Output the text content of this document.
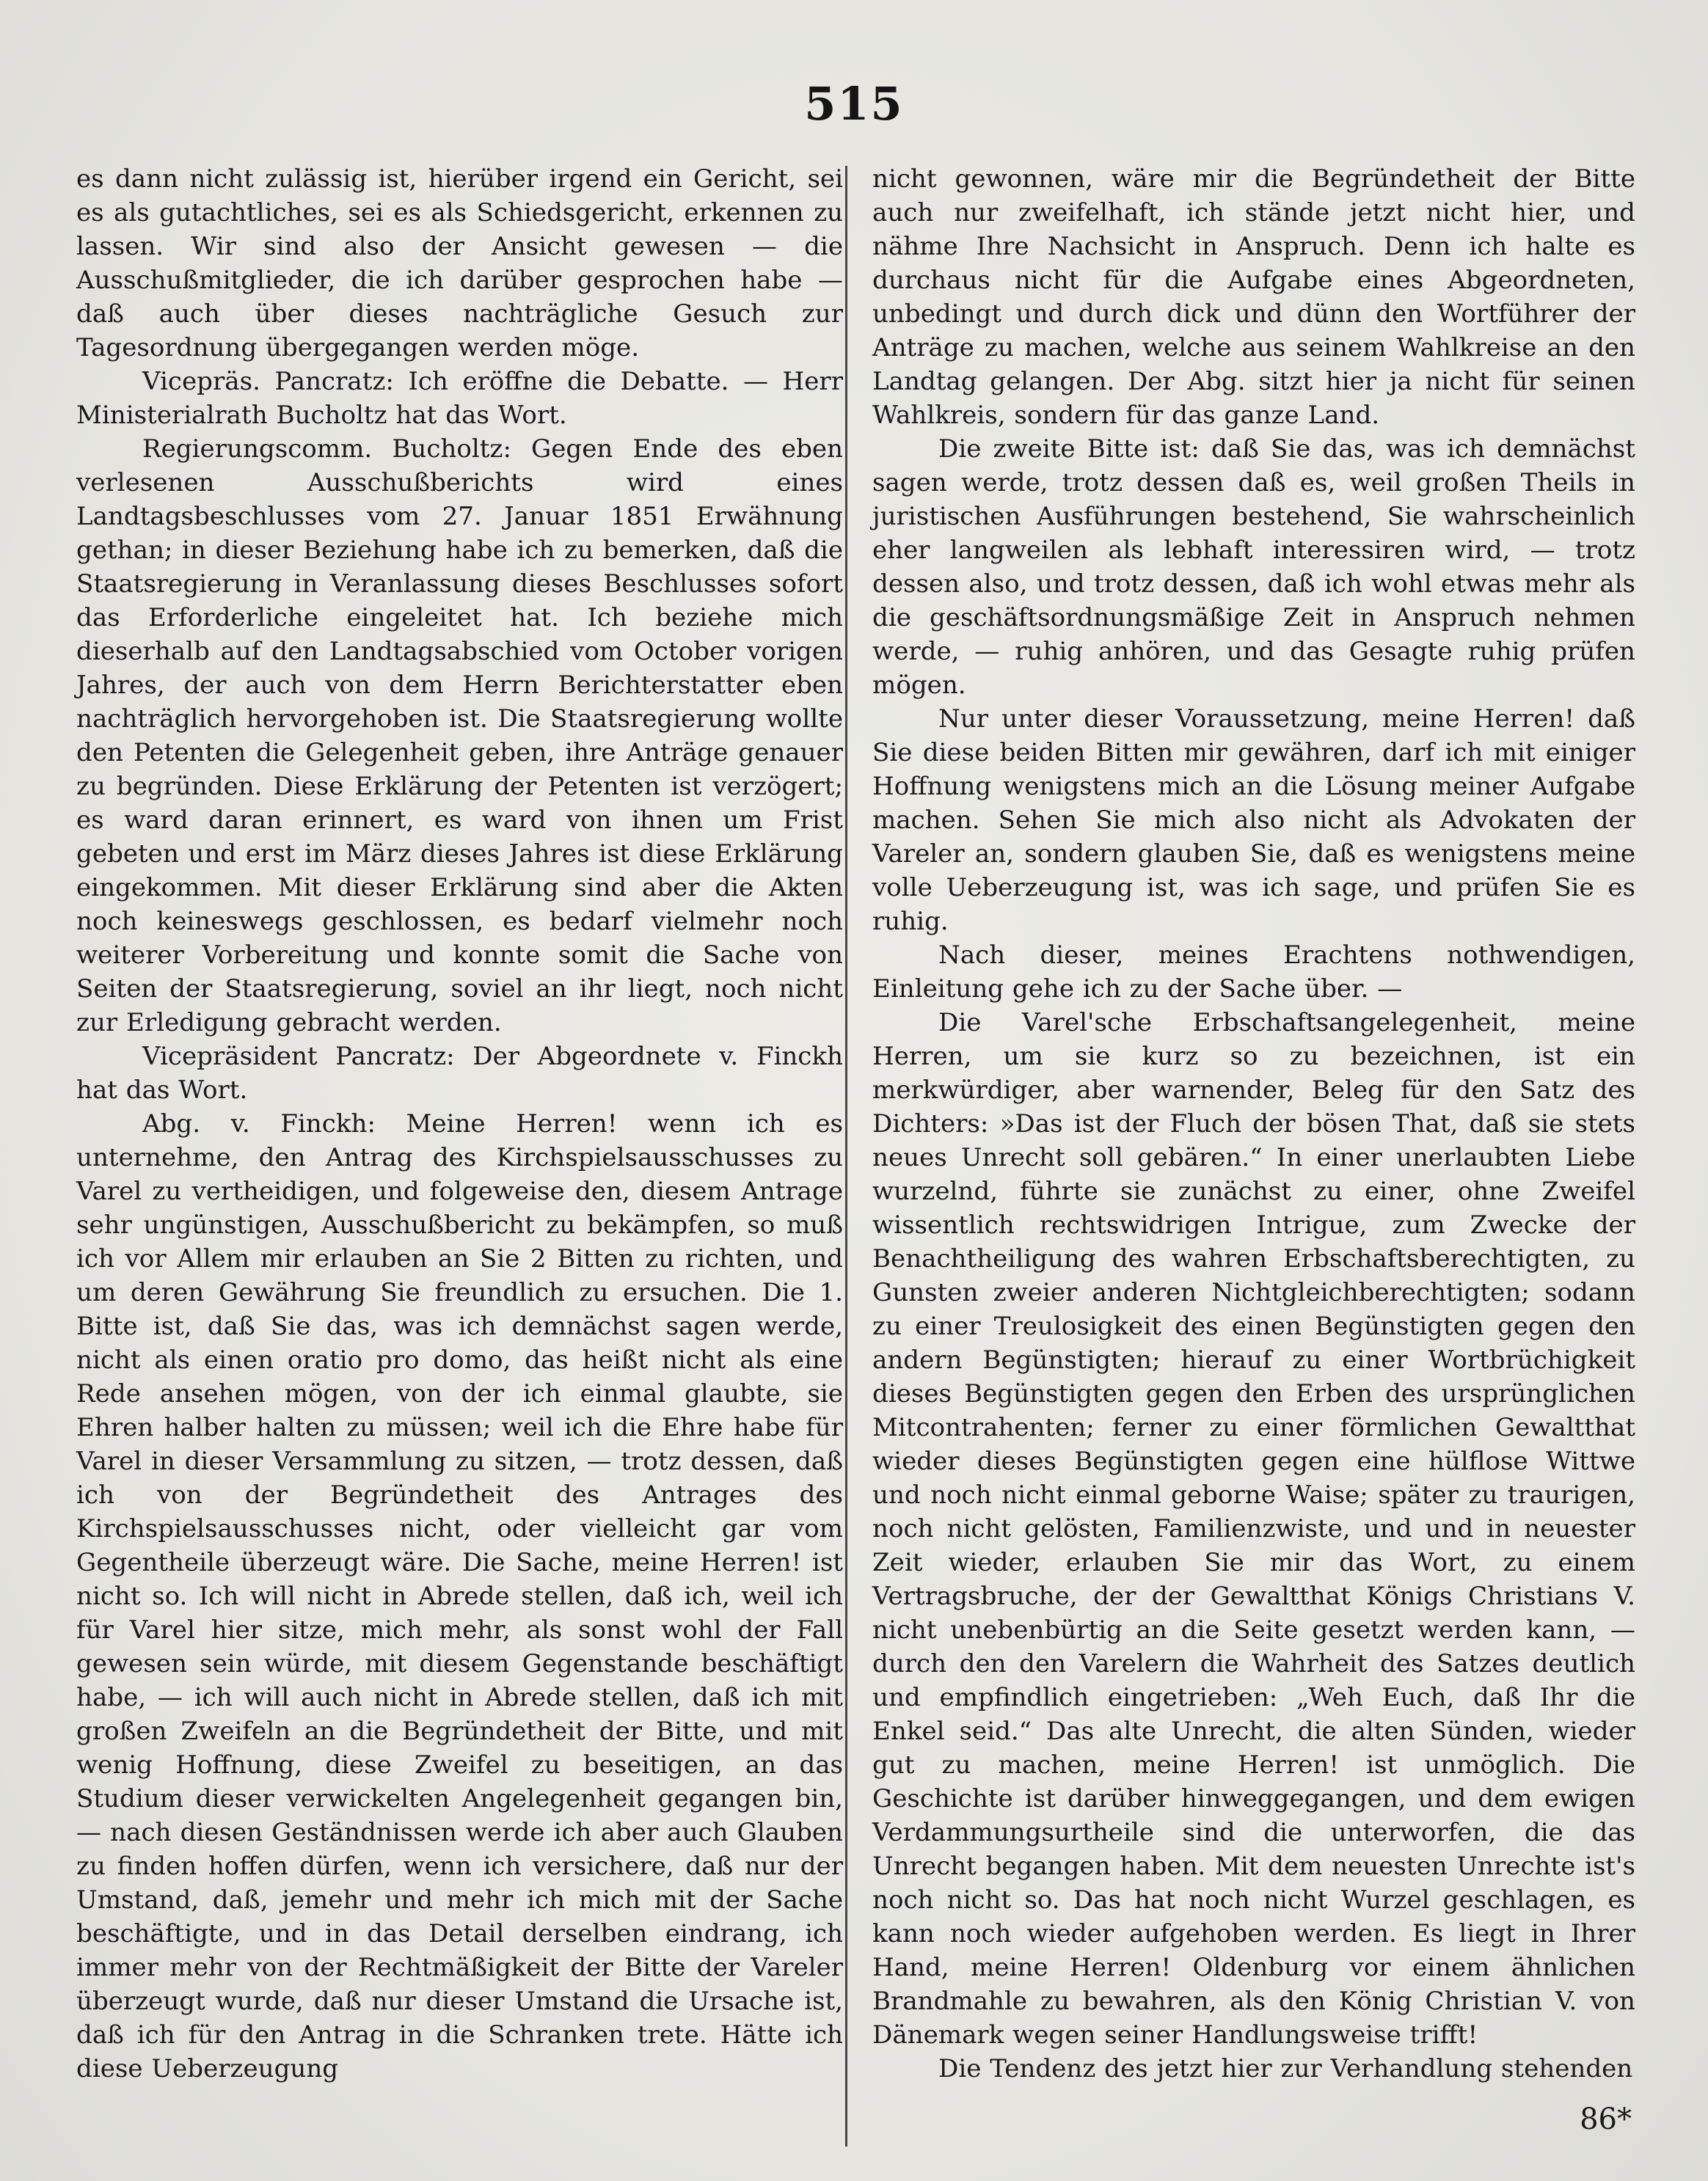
515

es dann nicht zulässig ist, hierüber irgend ein Gericht, sei es als gutachtliches, sei es als Schiedsgericht, erkennen zu lassen. Wir sind also der Ansicht gewesen — die Ausschußmitglieder, die ich darüber gesprochen habe — daß auch über dieses nachträgliche Gesuch zur Tagesordnung übergegangen werden möge.

Vicepräs. Pancratz: Ich eröffne die Debatte. — Herr Ministerialrath Bucholtz hat das Wort.

Regierungscomm. Bucholtz: Gegen Ende des eben verlesenen Ausschußberichts wird eines Landtagsbeschlusses vom 27. Januar 1851 Erwähnung gethan; in dieser Beziehung habe ich zu bemerken, daß die Staatsregierung in Veranlassung dieses Beschlusses sofort das Erforderliche eingeleitet hat. Ich beziehe mich dieserhalb auf den Landtagsabschied vom October vorigen Jahres, der auch von dem Herrn Berichterstatter eben nachträglich hervorgehoben ist. Die Staatsregierung wollte den Petenten die Gelegenheit geben, ihre Anträge genauer zu begründen. Diese Erklärung der Petenten ist verzögert; es ward daran erinnert, es ward von ihnen um Frist gebeten und erst im März dieses Jahres ist diese Erklärung eingekommen. Mit dieser Erklärung sind aber die Akten noch keineswegs geschlossen, es bedarf vielmehr noch weiterer Vorbereitung und konnte somit die Sache von Seiten der Staatsregierung, soviel an ihr liegt, noch nicht zur Erledigung gebracht werden.

Vicepräsident Pancratz: Der Abgeordnete v. Finckh hat das Wort.

Abg. v. Finckh: Meine Herren! wenn ich es unternehme, den Antrag des Kirchspielsausschusses zu Varel zu vertheidigen, und folgeweise den, diesem Antrage sehr ungünstigen, Ausschußbericht zu bekämpfen, so muß ich vor Allem mir erlauben an Sie 2 Bitten zu richten, und um deren Gewährung Sie freundlich zu ersuchen. Die 1. Bitte ist, daß Sie das, was ich demnächst sagen werde, nicht als einen oratio pro domo, das heißt nicht als eine Rede ansehen mögen, von der ich einmal glaubte, sie Ehren halber halten zu müssen; weil ich die Ehre habe für Varel in dieser Versammlung zu sitzen, — trotz dessen, daß ich von der Begründetheit des Antrages des Kirchspielsausschusses nicht, oder vielleicht gar vom Gegentheile überzeugt wäre. Die Sache, meine Herren! ist nicht so. Ich will nicht in Abrede stellen, daß ich, weil ich für Varel hier sitze, mich mehr, als sonst wohl der Fall gewesen sein würde, mit diesem Gegenstande beschäftigt habe, — ich will auch nicht in Abrede stellen, daß ich mit großen Zweifeln an die Begründetheit der Bitte, und mit wenig Hoffnung, diese Zweifel zu beseitigen, an das Studium dieser verwickelten Angelegenheit gegangen bin, — nach diesen Geständnissen werde ich aber auch Glauben zu finden hoffen dürfen, wenn ich versichere, daß nur der Umstand, daß, jemehr und mehr ich mich mit der Sache beschäftigte, und in das Detail derselben eindrang, ich immer mehr von der Rechtmäßigkeit der Bitte der Vareler überzeugt wurde, daß nur dieser Umstand die Ursache ist, daß ich für den Antrag in die Schranken trete. Hätte ich diese Ueberzeugung

nicht gewonnen, wäre mir die Begründetheit der Bitte auch nur zweifelhaft, ich stände jetzt nicht hier, und nähme Ihre Nachsicht in Anspruch. Denn ich halte es durchaus nicht für die Aufgabe eines Abgeordneten, unbedingt und durch dick und dünn den Wortführer der Anträge zu machen, welche aus seinem Wahlkreise an den Landtag gelangen. Der Abg. sitzt hier ja nicht für seinen Wahlkreis, sondern für das ganze Land.

Die zweite Bitte ist: daß Sie das, was ich demnächst sagen werde, trotz dessen daß es, weil großen Theils in juristischen Ausführungen bestehend, Sie wahrscheinlich eher langweilen als lebhaft interessiren wird, — trotz dessen also, und trotz dessen, daß ich wohl etwas mehr als die geschäftsordnungsmäßige Zeit in Anspruch nehmen werde, — ruhig anhören, und das Gesagte ruhig prüfen mögen.

Nur unter dieser Voraussetzung, meine Herren! daß Sie diese beiden Bitten mir gewähren, darf ich mit einiger Hoffnung wenigstens mich an die Lösung meiner Aufgabe machen. Sehen Sie mich also nicht als Advokaten der Vareler an, sondern glauben Sie, daß es wenigstens meine volle Ueberzeugung ist, was ich sage, und prüfen Sie es ruhig.

Nach dieser, meines Erachtens nothwendigen, Einleitung gehe ich zu der Sache über. —

Die Varel'sche Erbschaftsangelegenheit, meine Herren, um sie kurz so zu bezeichnen, ist ein merkwürdiger, aber warnender, Beleg für den Satz des Dichters: »Das ist der Fluch der bösen That, daß sie stets neues Unrecht soll gebären.“ In einer unerlaubten Liebe wurzelnd, führte sie zunächst zu einer, ohne Zweifel wissentlich rechtswidrigen Intrigue, zum Zwecke der Benachtheiligung des wahren Erbschaftsberechtigten, zu Gunsten zweier anderen Nichtgleichberechtigten; sodann zu einer Treulosigkeit des einen Begünstigten gegen den andern Begünstigten; hierauf zu einer Wortbrüchigkeit dieses Begünstigten gegen den Erben des ursprünglichen Mitcontrahenten; ferner zu einer förmlichen Gewaltthat wieder dieses Begünstigten gegen eine hülflose Wittwe und noch nicht einmal geborne Waise; später zu traurigen, noch nicht gelösten, Familienzwiste, und und in neuester Zeit wieder, erlauben Sie mir das Wort, zu einem Vertragsbruche, der der Gewaltthat Königs Christians V. nicht unebenbürtig an die Seite gesetzt werden kann, — durch den den Varelern die Wahrheit des Satzes deutlich und empfindlich eingetrieben: „Weh Euch, daß Ihr die Enkel seid.“ Das alte Unrecht, die alten Sünden, wieder gut zu machen, meine Herren! ist unmöglich. Die Geschichte ist darüber hinweggegangen, und dem ewigen Verdammungsurtheile sind die unterworfen, die das Unrecht begangen haben. Mit dem neuesten Unrechte ist's noch nicht so. Das hat noch nicht Wurzel geschlagen, es kann noch wieder aufgehoben werden. Es liegt in Ihrer Hand, meine Herren! Oldenburg vor einem ähnlichen Brandmahle zu bewahren, als den König Christian V. von Dänemark wegen seiner Handlungsweise trifft!

Die Tendenz des jetzt hier zur Verhandlung stehenden

86*
